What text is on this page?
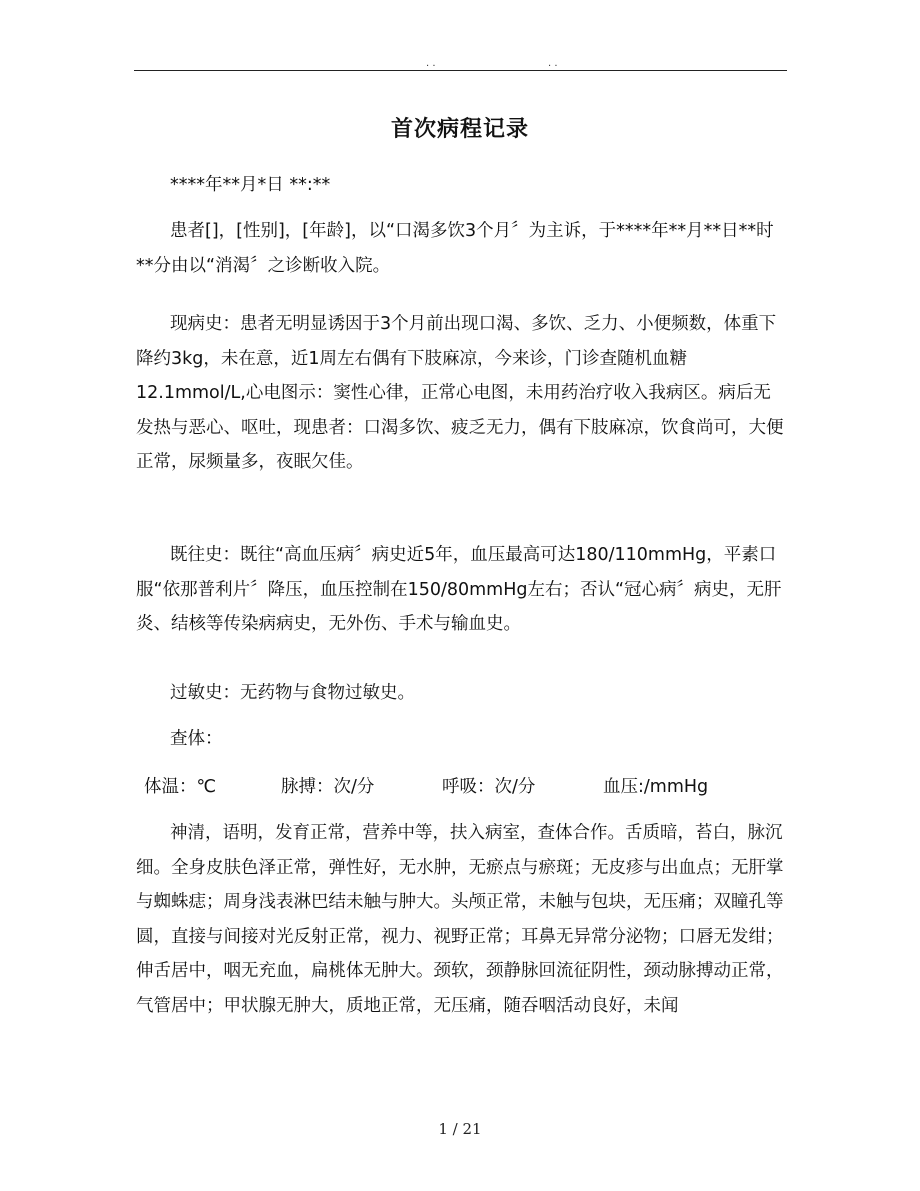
. .	. .
首次病程记录

****年**月*日 **:**

患者[]，[性别]，[年龄]，以“口渴多饮3个月〞为主诉，于****年**月**日**时**分由以“消渴〞之诊断收入院。

现病史：患者无明显诱因于3个月前出现口渴、多饮、乏力、小便频数，体重下降约3kg，未在意，近1周左右偶有下肢麻凉，今来诊，门诊查随机血糖12.1mmol/L,心电图示：窦性心律，正常心电图，未用药治疗收入我病区。病后无发热与恶心、呕吐，现患者：口渴多饮、疲乏无力，偶有下肢麻凉，饮食尚可，大便正常，尿频量多，夜眠欠佳。

既往史：既往“高血压病〞病史近5年，血压最高可达180/110mmHg，平素口服“依那普利片〞降压，血压控制在150/80mmHg左右；否认“冠心病〞病史，无肝炎、结核等传染病病史，无外伤、手术与输血史。

过敏史：无药物与食物过敏史。

查体：

体温：℃	脉搏：次/分	呼吸：次/分	血压:/mmHg

神清，语明，发育正常，营养中等，扶入病室，查体合作。舌质暗，苔白，脉沉细。全身皮肤色泽正常，弹性好，无水肿，无瘀点与瘀斑；无皮疹与出血点；无肝掌与蜘蛛痣；周身浅表淋巴结未触与肿大。头颅正常，未触与包块，无压痛；双瞳孔等圆，直接与间接对光反射正常，视力、视野正常；耳鼻无异常分泌物；口唇无发绀；伸舌居中，咽无充血，扁桃体无肿大。颈软，颈静脉回流征阴性，颈动脉搏动正常，气管居中；甲状腺无肿大，质地正常，无压痛，随吞咽活动良好，未闻

1 / 21
